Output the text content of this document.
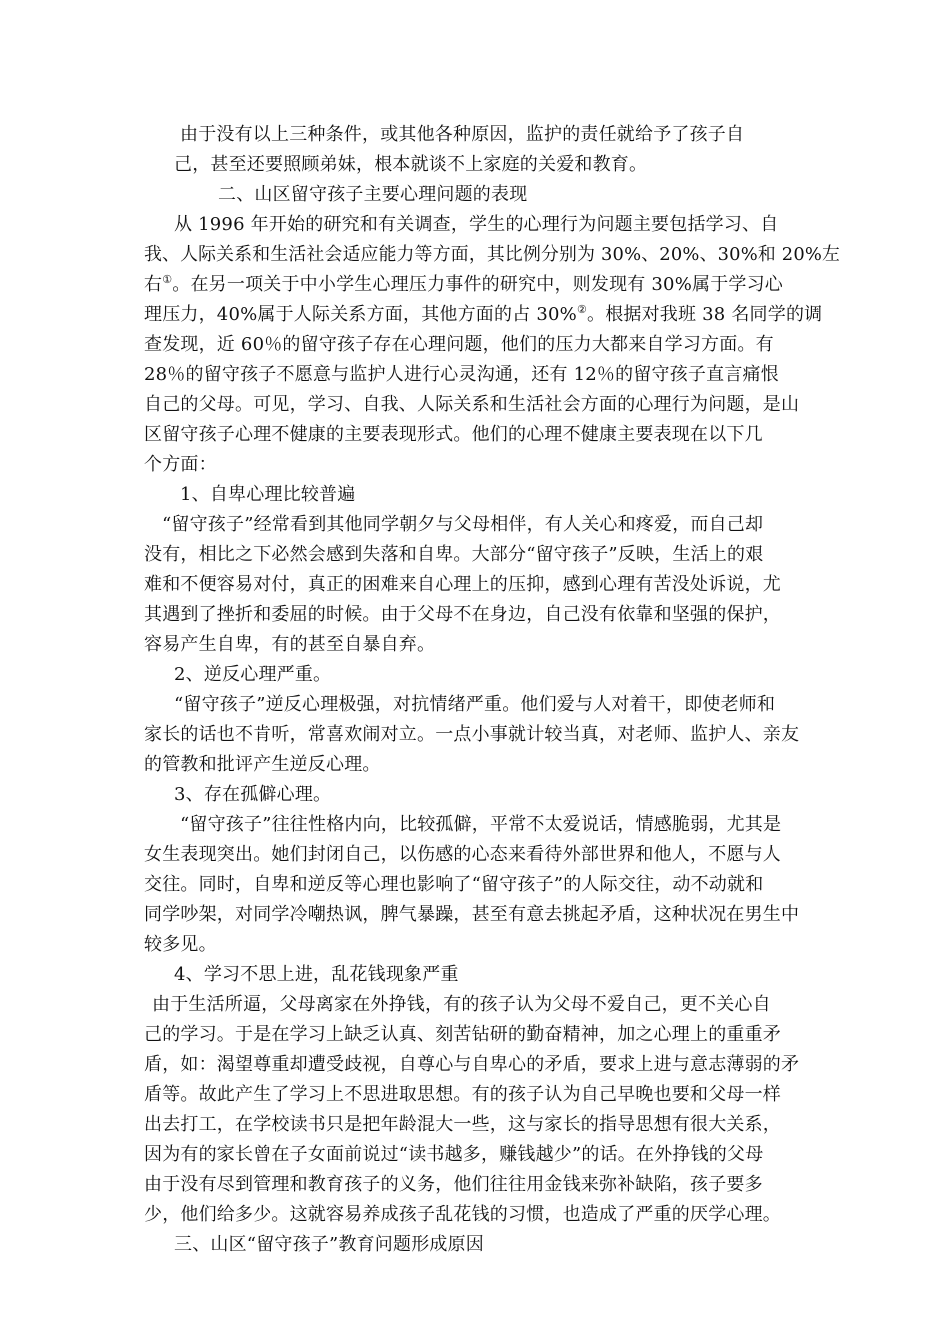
由于没有以上三种条件，或其他各种原因，监护的责任就给予了孩子自
己，甚至还要照顾弟妹，根本就谈不上家庭的关爱和教育。
二、山区留守孩子主要心理问题的表现
从 1996 年开始的研究和有关调查，学生的心理行为问题主要包括学习、自
我、人际关系和生活社会适应能力等方面，其比例分别为 30%、20%、30%和 20%左
右①。在另一项关于中小学生心理压力事件的研究中，则发现有 30%属于学习心
理压力，40%属于人际关系方面，其他方面的占 30%②。根据对我班 38 名同学的调
查发现，近 60％的留守孩子存在心理问题，他们的压力大都来自学习方面。有
28％的留守孩子不愿意与监护人进行心灵沟通，还有 12％的留守孩子直言痛恨
自己的父母。可见，学习、自我、人际关系和生活社会方面的心理行为问题，是山
区留守孩子心理不健康的主要表现形式。他们的心理不健康主要表现在以下几
个方面：
1、自卑心理比较普遍
“留守孩子”经常看到其他同学朝夕与父母相伴，有人关心和疼爱，而自己却
没有，相比之下必然会感到失落和自卑。大部分“留守孩子”反映，生活上的艰
难和不便容易对付，真正的困难来自心理上的压抑，感到心理有苦没处诉说，尤
其遇到了挫折和委屈的时候。由于父母不在身边，自己没有依靠和坚强的保护，
容易产生自卑，有的甚至自暴自弃。
2、逆反心理严重。
“留守孩子”逆反心理极强，对抗情绪严重。他们爱与人对着干，即使老师和
家长的话也不肯听，常喜欢闹对立。一点小事就计较当真，对老师、监护人、亲友
的管教和批评产生逆反心理。
3、存在孤僻心理。
“留守孩子”往往性格内向，比较孤僻，平常不太爱说话，情感脆弱，尤其是
女生表现突出。她们封闭自己，以伤感的心态来看待外部世界和他人，不愿与人
交往。同时，自卑和逆反等心理也影响了“留守孩子”的人际交往，动不动就和
同学吵架，对同学冷嘲热讽，脾气暴躁，甚至有意去挑起矛盾，这种状况在男生中
较多见。
4、学习不思上进，乱花钱现象严重
由于生活所逼，父母离家在外挣钱，有的孩子认为父母不爱自己，更不关心自
己的学习。于是在学习上缺乏认真、刻苦钻研的勤奋精神，加之心理上的重重矛
盾，如：渴望尊重却遭受歧视，自尊心与自卑心的矛盾，要求上进与意志薄弱的矛
盾等。故此产生了学习上不思进取思想。有的孩子认为自己早晚也要和父母一样
出去打工，在学校读书只是把年龄混大一些，这与家长的指导思想有很大关系，
因为有的家长曾在子女面前说过“读书越多，赚钱越少”的话。在外挣钱的父母
由于没有尽到管理和教育孩子的义务，他们往往用金钱来弥补缺陷，孩子要多
少，他们给多少。这就容易养成孩子乱花钱的习惯，也造成了严重的厌学心理。
三、山区“留守孩子”教育问题形成原因
